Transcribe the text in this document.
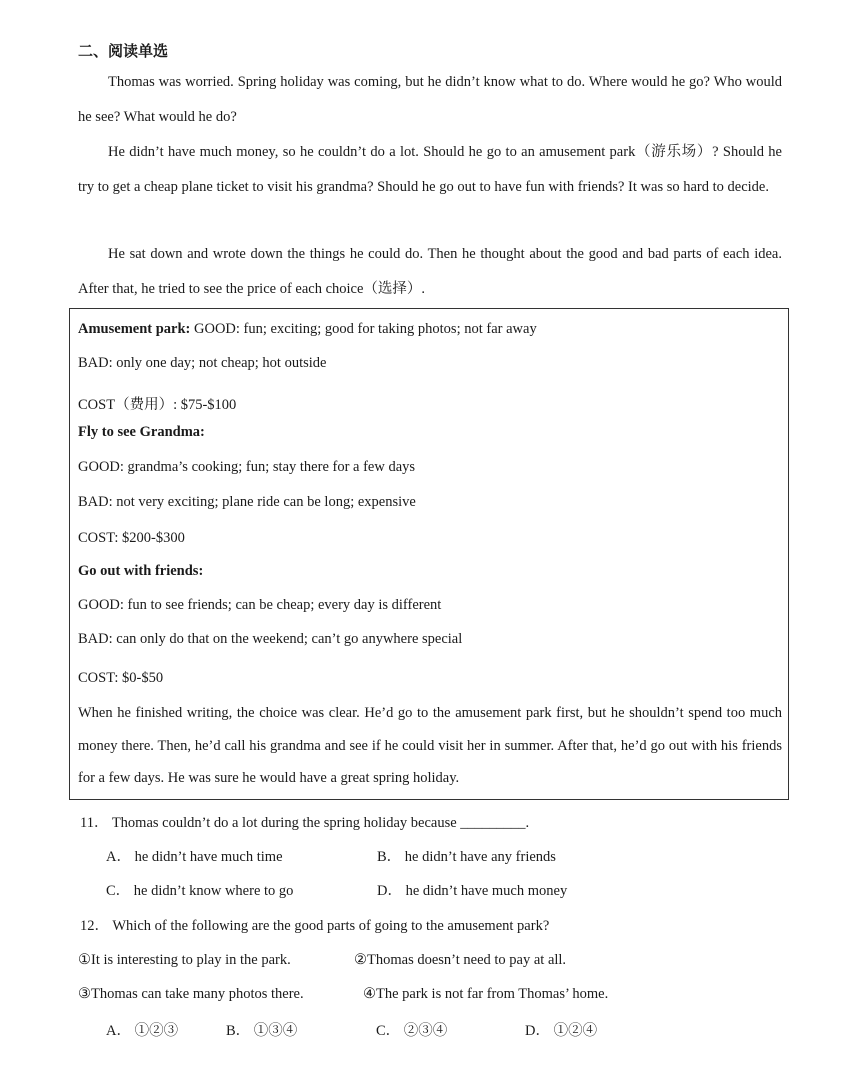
二、阅读单选

Thomas was worried. Spring holiday was coming, but he didn’t know what to do. Where would he go? Who would he see? What would he do?

He didn’t have much money, so he couldn’t do a lot. Should he go to an amusement park（游乐场）? Should he try to get a cheap plane ticket to visit his grandma? Should he go out to have fun with friends? It was so hard to decide.

He sat down and wrote down the things he could do. Then he thought about the good and bad parts of each idea. After that, he tried to see the price of each choice（选择）.

Amusement park: GOOD: fun; exciting; good for taking photos; not far away
BAD: only one day; not cheap; hot outside
COST（费用）: $75-$100
Fly to see Grandma:
GOOD: grandma’s cooking; fun; stay there for a few days
BAD: not very exciting; plane ride can be long; expensive
COST: $200-$300
Go out with friends:
GOOD: fun to see friends; can be cheap; every day is different
BAD: can only do that on the weekend; can’t go anywhere special
COST: $0-$50

When he finished writing, the choice was clear. He’d go to the amusement park first, but he shouldn’t spend too much money there. Then, he’d call his grandma and see if he could visit her in summer. After that, he’d go out with his friends for a few days. He was sure he would have a great spring holiday.

11． Thomas couldn’t do a lot during the spring holiday because _________.
A． he didn’t have much time	B． he didn’t have any friends
C． he didn’t know where to go	D． he didn’t have much money
12． Which of the following are the good parts of going to the amusement park?
①It is interesting to play in the park.	②Thomas doesn’t need to pay at all.
③Thomas can take many photos there.	④The park is not far from Thomas’ home.
A． ①②③	B． ①③④	C． ②③④	D． ①②④
